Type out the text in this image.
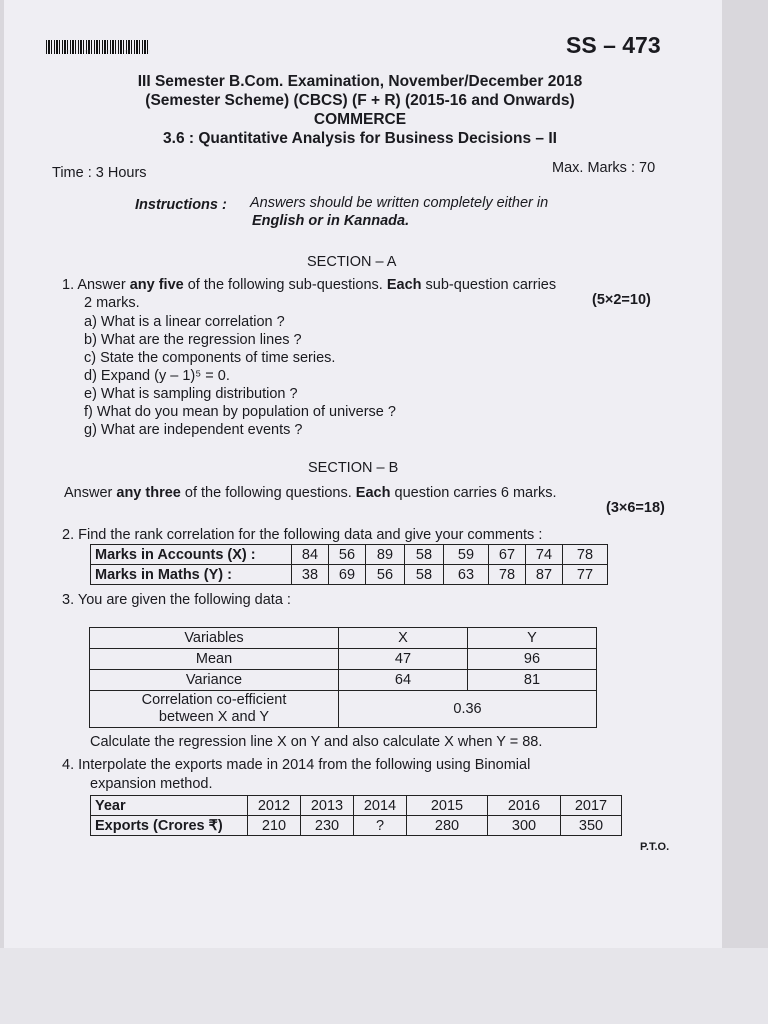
SS – 473
III Semester B.Com. Examination, November/December 2018
(Semester Scheme) (CBCS) (F + R) (2015-16 and Onwards)
COMMERCE
3.6 : Quantitative Analysis for Business Decisions – II
Time : 3 Hours	Max. Marks : 70
Instructions : Answers should be written completely either in
English or in Kannada.
SECTION – A
1. Answer any five of the following sub-questions. Each sub-question carries
2 marks.	(5×2=10)
a) What is a linear correlation ?
b) What are the regression lines ?
c) State the components of time series.
d) Expand (y – 1)⁵ = 0.
e) What is sampling distribution ?
f) What do you mean by population of universe ?
g) What are independent events ?
SECTION – B
Answer any three of the following questions. Each question carries 6 marks.
(3×6=18)
2. Find the rank correlation for the following data and give your comments :
Marks in Accounts (X) :	84	56	89	58	59	67	74	78
Marks in Maths (Y) :	38	69	56	58	63	78	87	77
3. You are given the following data :
Variables	X	Y
Mean	47	96
Variance	64	81

Correlation co-efficient
between X and Y	0.36	
Calculate the regression line X on Y and also calculate X when Y = 88.
4. Interpolate the exports made in 2014 from the following using Binomial
expansion method.
Year	2012	2013	2014	2015	2016	2017
Exports (Crores ₹)	210	230	?	280	300	350
P.T.O.
